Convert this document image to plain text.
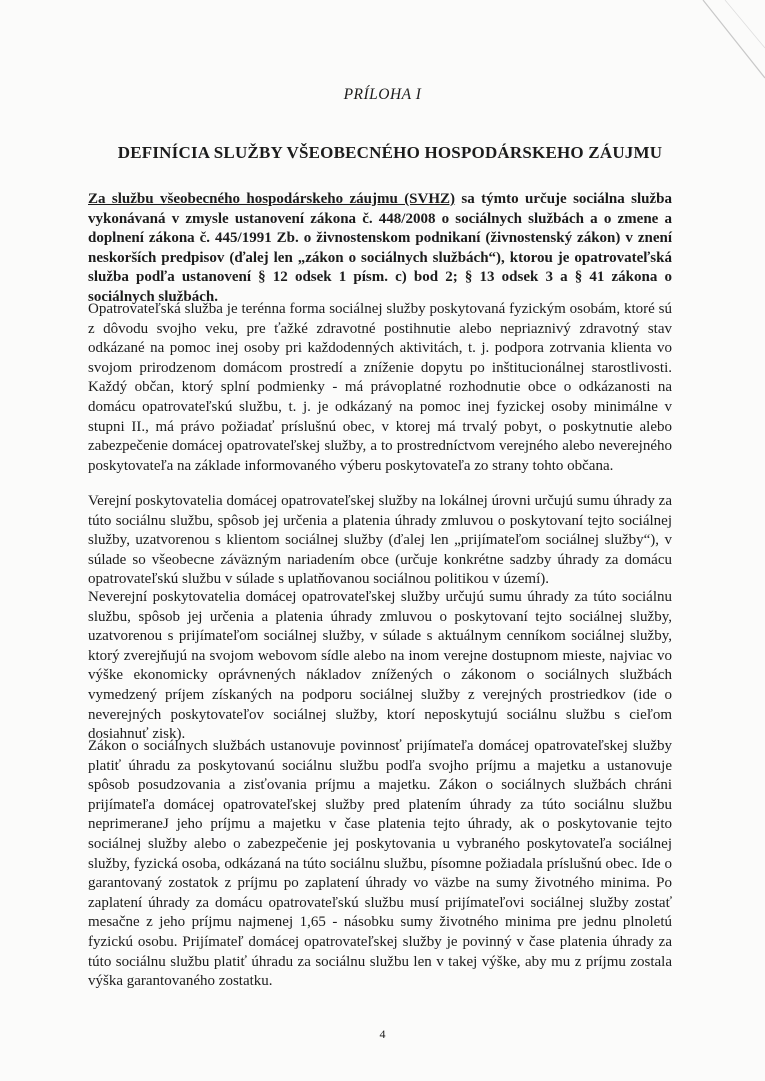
PRÍLOHA I
DEFINÍCIA SLUŽBY VŠEOBECNÉHO HOSPODÁRSKEHO ZÁUJMU

Za službu všeobecného hospodárskeho záujmu (SVHZ) sa týmto určuje sociálna služba vykonávaná v zmysle ustanovení zákona č. 448/2008 o sociálnych službách a o zmene a doplnení zákona č. 445/1991 Zb. o živnostenskom podnikaní (živnostenský zákon) v znení neskorších predpisov (ďalej len „zákon o sociálnych službách“), ktorou je opatrovateľská služba podľa ustanovení § 12 odsek 1 písm. c) bod 2; § 13 odsek 3 a § 41 zákona o sociálnych službách.

Opatrovateľská služba je terénna forma sociálnej služby poskytovaná fyzickým osobám, ktoré sú z dôvodu svojho veku, pre ťažké zdravotné postihnutie alebo nepriaznivý zdravotný stav odkázané na pomoc inej osoby pri každodenných aktivitách, t. j. podpora zotrvania klienta vo svojom prirodzenom domácom prostredí a zníženie dopytu po inštitucionálnej starostlivosti. Každý občan, ktorý splní podmienky - má právoplatné rozhodnutie obce o odkázanosti na domácu opatrovateľskú službu, t. j. je odkázaný na pomoc inej fyzickej osoby minimálne v stupni II., má právo požiadať príslušnú obec, v ktorej má trvalý pobyt, o poskytnutie alebo zabezpečenie domácej opatrovateľskej služby, a to prostredníctvom verejného alebo neverejného poskytovateľa na základe informovaného výberu poskytovateľa zo strany tohto občana.

Verejní poskytovatelia domácej opatrovateľskej služby na lokálnej úrovni určujú sumu úhrady za túto sociálnu službu, spôsob jej určenia a platenia úhrady zmluvou o poskytovaní tejto sociálnej služby, uzatvorenou s klientom sociálnej služby (ďalej len „prijímateľom sociálnej služby“), v súlade so všeobecne záväzným nariadením obce (určuje konkrétne sadzby úhrady za domácu opatrovateľskú službu v súlade s uplatňovanou sociálnou politikou v území).

Neverejní poskytovatelia domácej opatrovateľskej služby určujú sumu úhrady za túto sociálnu službu, spôsob jej určenia a platenia úhrady zmluvou o poskytovaní tejto sociálnej služby, uzatvorenou s prijímateľom sociálnej služby, v súlade s aktuálnym cenníkom sociálnej služby, ktorý zverejňujú na svojom webovom sídle alebo na inom verejne dostupnom mieste, najviac vo výške ekonomicky oprávnených nákladov znížených o zákonom o sociálnych službách vymedzený príjem získaných na podporu sociálnej služby z verejných prostriedkov (ide o neverejných poskytovateľov sociálnej služby, ktorí neposkytujú sociálnu službu s cieľom dosiahnuť zisk).

Zákon o sociálnych službách ustanovuje povinnosť prijímateľa domácej opatrovateľskej služby platiť úhradu za poskytovanú sociálnu službu podľa svojho príjmu a majetku a ustanovuje spôsob posudzovania a zisťovania príjmu a majetku. Zákon o sociálnych službách chráni prijímateľa domácej opatrovateľskej služby pred platením úhrady za túto sociálnu službu neprimeraneJ jeho príjmu a majetku v čase platenia tejto úhrady, ak o poskytovanie tejto sociálnej služby alebo o zabezpečenie jej poskytovania u vybraného poskytovateľa sociálnej služby, fyzická osoba, odkázaná na túto sociálnu službu, písomne požiadala príslušnú obec. Ide o garantovaný zostatok z príjmu po zaplatení úhrady vo väzbe na sumy životného minima. Po zaplatení úhrady za domácu opatrovateľskú službu musí prijímateľovi sociálnej služby zostať mesačne z jeho príjmu najmenej 1,65 - násobku sumy životného minima pre jednu plnoletú fyzickú osobu. Prijímateľ domácej opatrovateľskej služby je povinný v čase platenia úhrady za túto sociálnu službu platiť úhradu za sociálnu službu len v takej výške, aby mu z príjmu zostala výška garantovaného zostatku.

4
